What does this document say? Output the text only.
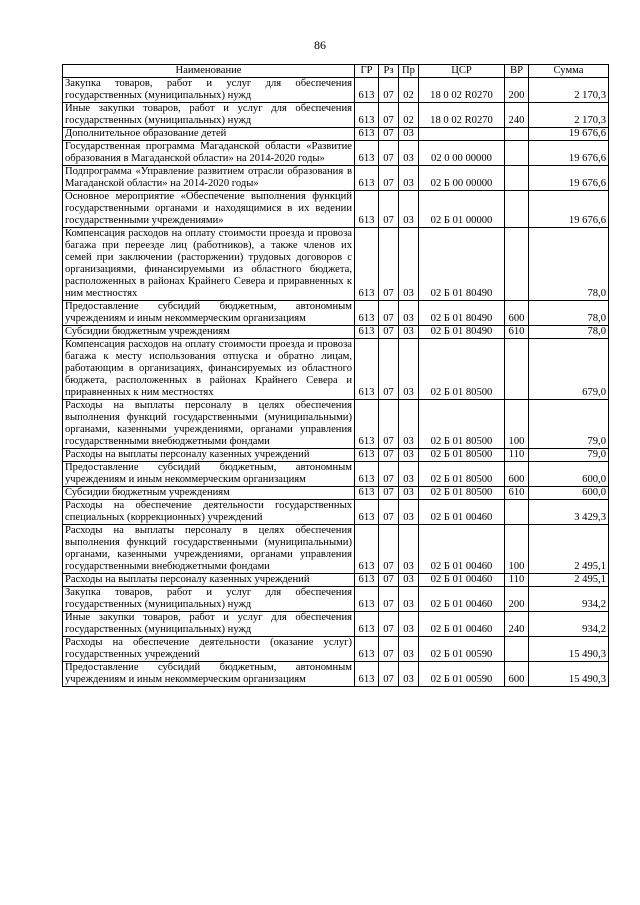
86
Наименование	ГР	Рз	Пр	ЦСР	ВР	Сумма
Закупка товаров, работ и услуг для обеспечения государственных (муниципальных) нужд	613	07	02	18 0 02 R0270	200	2 170,3
Иные закупки товаров, работ и услуг для обеспечения государственных (муниципальных) нужд	613	07	02	18 0 02 R0270	240	2 170,3
Дополнительное образование детей	613	07	03			19 676,6
Государственная программа Магаданской области «Развитие образования в Магаданской области» на 2014-2020 годы»	613	07	03	02 0 00 00000		19 676,6
Подпрограмма «Управление развитием отрасли образования в Магаданской области» на 2014-2020 годы»	613	07	03	02 Б 00 00000		19 676,6
Основное мероприятие «Обеспечение выполнения функций государственными органами и находящимися в их ведении государственными учреждениями»	613	07	03	02 Б 01 00000		19 676,6
Компенсация расходов на оплату стоимости проезда и провоза багажа при переезде лиц (работников), а также членов их семей при заключении (расторжении) трудовых договоров с организациями, финансируемыми из областного бюджета, расположенных в районах Крайнего Севера и приравненных к ним местностях	613	07	03	02 Б 01 80490		78,0
Предоставление субсидий бюджетным, автономным учреждениям и иным некоммерческим организациям	613	07	03	02 Б 01 80490	600	78,0
Субсидии бюджетным учреждениям	613	07	03	02 Б 01 80490	610	78,0
Компенсация расходов на оплату стоимости проезда и провоза багажа к месту использования отпуска и обратно лицам, работающим в организациях, финансируемых из областного бюджета, расположенных в районах Крайнего Севера и приравненных к ним местностях	613	07	03	02 Б 01 80500		679,0
Расходы на выплаты персоналу в целях обеспечения выполнения функций государственными (муниципальными) органами, казенными учреждениями, органами управления государственными внебюджетными фондами	613	07	03	02 Б 01 80500	100	79,0
Расходы на выплаты персоналу казенных учреждений	613	07	03	02 Б 01 80500	110	79,0
Предоставление субсидий бюджетным, автономным учреждениям и иным некоммерческим организациям	613	07	03	02 Б 01 80500	600	600,0
Субсидии бюджетным учреждениям	613	07	03	02 Б 01 80500	610	600,0
Расходы на обеспечение деятельности государственных специальных (коррекционных) учреждений	613	07	03	02 Б 01 00460		3 429,3
Расходы на выплаты персоналу в целях обеспечения выполнения функций государственными (муниципальными) органами, казенными учреждениями, органами управления государственными внебюджетными фондами	613	07	03	02 Б 01 00460	100	2 495,1
Расходы на выплаты персоналу казенных учреждений	613	07	03	02 Б 01 00460	110	2 495,1
Закупка товаров, работ и услуг для обеспечения государственных (муниципальных) нужд	613	07	03	02 Б 01 00460	200	934,2
Иные закупки товаров, работ и услуг для обеспечения государственных (муниципальных) нужд	613	07	03	02 Б 01 00460	240	934,2
Расходы на обеспечение деятельности (оказание услуг) государственных учреждений	613	07	03	02 Б 01 00590		15 490,3
Предоставление субсидий бюджетным, автономным учреждениям и иным некоммерческим организациям	613	07	03	02 Б 01 00590	600	15 490,3
